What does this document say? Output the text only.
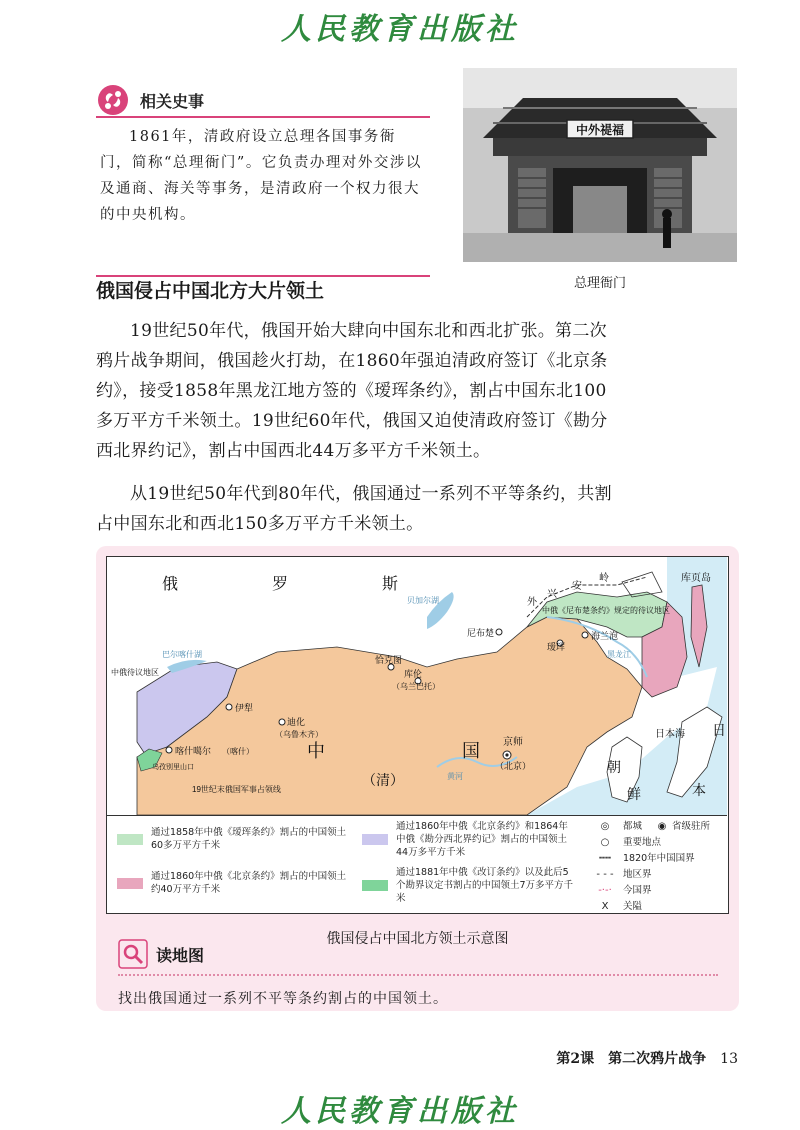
人民教育出版社
相关史事
1861年，清政府设立总理各国事务衙门，简称“总理衙门”。它负责办理对外交涉以及通商、海关等事务，是清政府一个权力很大的中央机构。
中外禔福
总理衙门
俄国侵占中国北方大片领土

19世纪50年代，俄国开始大肆向中国东北和西北扩张。第二次鸦片战争期间，俄国趁火打劫，在1860年强迫清政府签订《北京条约》，接受1858年黑龙江地方签的《瑷珲条约》，割占中国东北100多万平方千米领土。19世纪60年代，俄国又迫使清政府签订《勘分西北界约记》，割占中国西北44万多平方千米领土。

从19世纪50年代到80年代，俄国通过一系列不平等条约，共割占中国东北和西北150多万平方千米领土。

俄	罗	斯
外
兴
安
岭
中俄《尼布楚条约》规定的待议地区
尼布楚
瑷珲
海兰泡
恰克图
库伦
（乌兰巴托）
伊犁
迪化
（乌鲁木齐）
喀什噶尔 （喀什）
乌孜别里山口
中俄待议地区
19世纪末俄国军事占领线
中
（清）
国 京师
（北京）
库页岛
朝
鲜
日
本
日本海
黄河
巴尔喀什湖
贝加尔湖
黑龙江
通过1858年中俄《瑷珲条约》割占的中国领土60多万平方千米
通过1860年中俄《北京条约》割占的中国领土约40万平方千米
通过1860年中俄《北京条约》和1864年中俄《勘分西北界约记》割占的中国领土44万多平方千米
通过1881年中俄《改订条约》以及此后5个勘界议定书割占的中国领土7万多平方千米
◎	都城	◉ 省级驻所
○	重要地点
┅┅	1820年中国国界
- - - 地区界
-·-·	今国界
X	关隘
俄国侵占中国北方领土示意图
读地图
找出俄国通过一系列不平等条约割占的中国领土。
第2课　第二次鸦片战争 13
人民教育出版社
